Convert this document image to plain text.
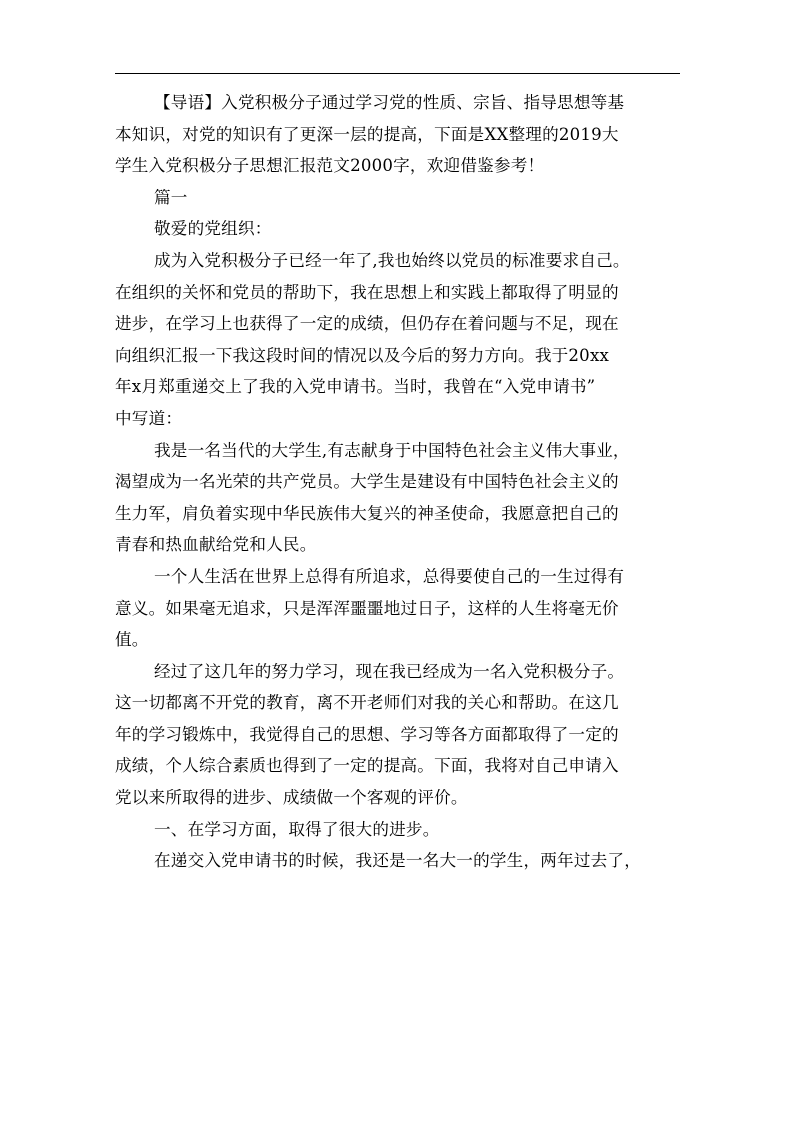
【导语】入党积极分子通过学习党的性质、宗旨、指导思想等基
本知识，对党的知识有了更深一层的提高，下面是XX整理的2019大
学生入党积极分子思想汇报范文2000字，欢迎借鉴参考！
篇一
敬爱的党组织：
成为入党积极分子已经一年了,我也始终以党员的标准要求自己。
在组织的关怀和党员的帮助下，我在思想上和实践上都取得了明显的
进步，在学习上也获得了一定的成绩，但仍存在着问题与不足，现在
向组织汇报一下我这段时间的情况以及今后的努力方向。我于20xx
年x月郑重递交上了我的入党申请书。当时，我曾在“入党申请书”
中写道：
我是一名当代的大学生,有志献身于中国特色社会主义伟大事业，
渴望成为一名光荣的共产党员。大学生是建设有中国特色社会主义的
生力军，肩负着实现中华民族伟大复兴的神圣使命，我愿意把自己的
青春和热血献给党和人民。
一个人生活在世界上总得有所追求，总得要使自己的一生过得有
意义。如果毫无追求，只是浑浑噩噩地过日子，这样的人生将毫无价
值。
经过了这几年的努力学习，现在我已经成为一名入党积极分子。
这一切都离不开党的教育，离不开老师们对我的关心和帮助。在这几
年的学习锻炼中，我觉得自己的思想、学习等各方面都取得了一定的
成绩，个人综合素质也得到了一定的提高。下面，我将对自己申请入
党以来所取得的进步、成绩做一个客观的评价。
一、在学习方面，取得了很大的进步。
在递交入党申请书的时候，我还是一名大一的学生，两年过去了，
